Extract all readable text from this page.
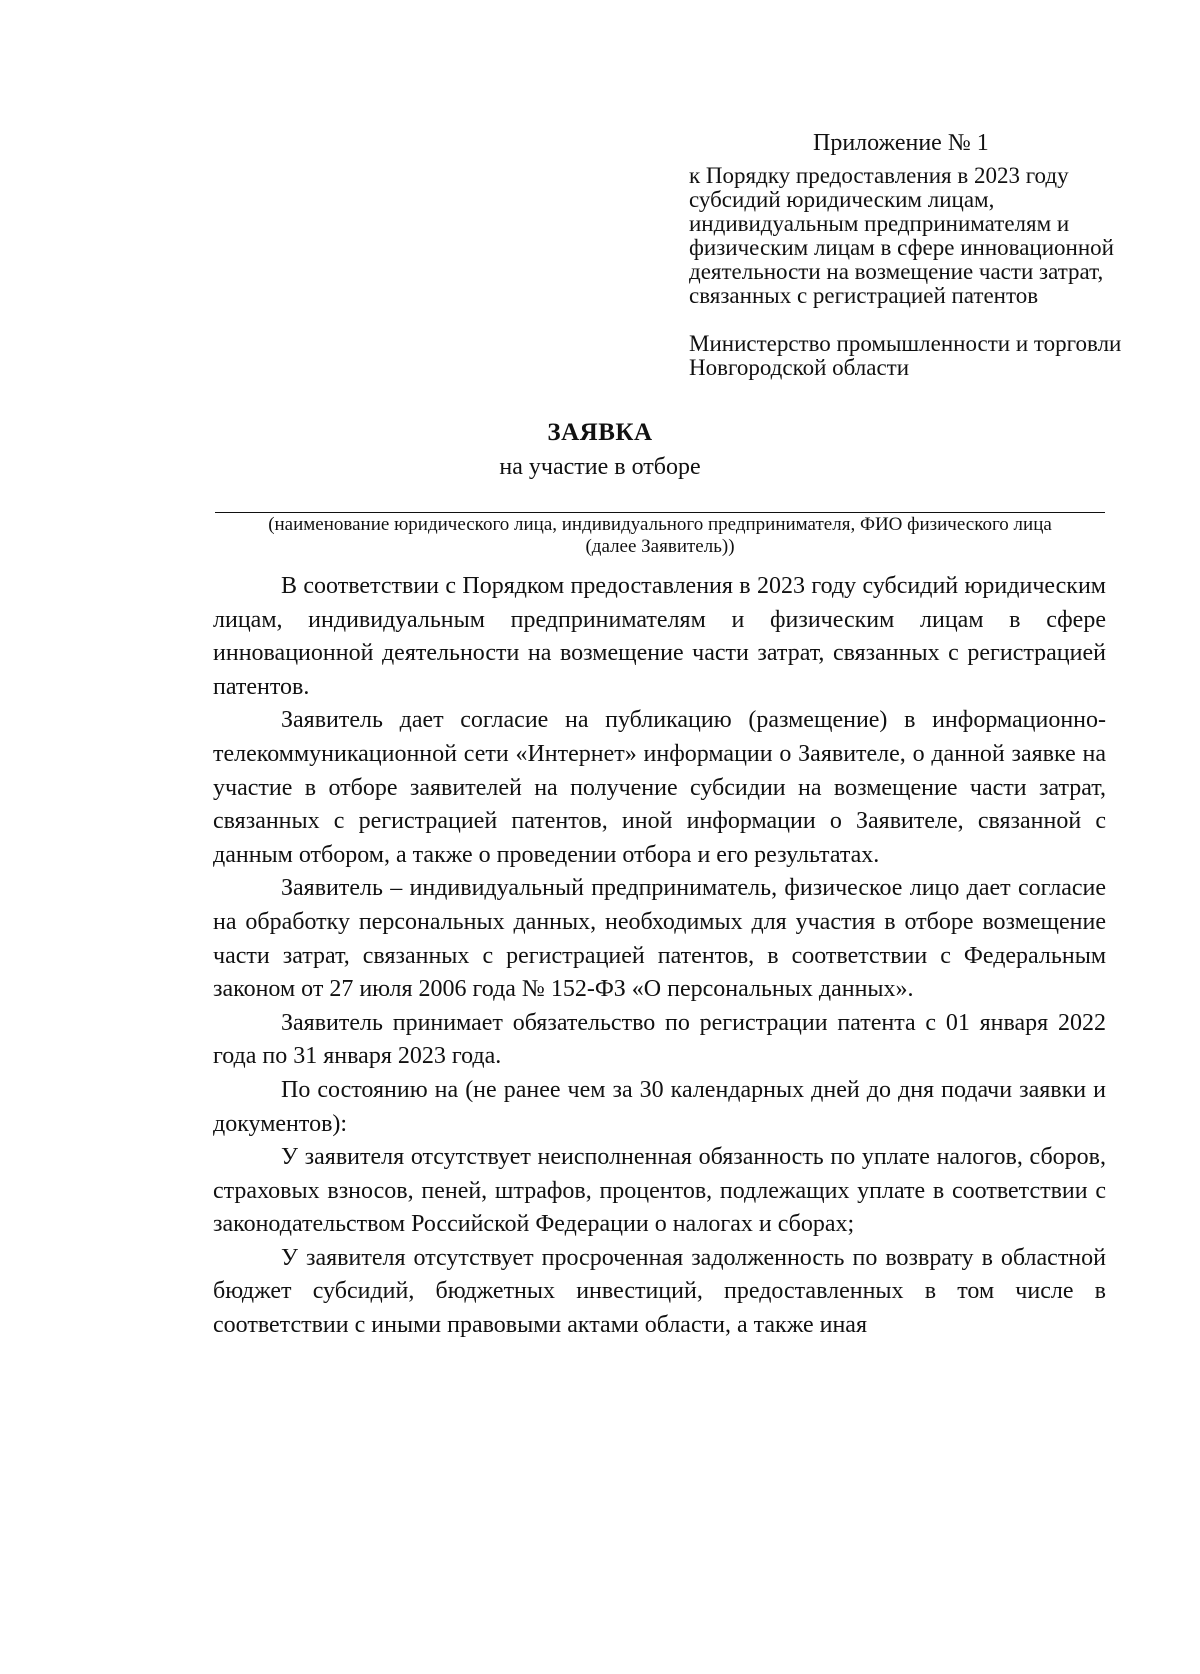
Приложение № 1

к Порядку предоставления в 2023 году субсидий юридическим лицам, индивидуальным предпринимателям и физическим лицам в сфере инновационной деятельности на возмещение части затрат, связанных с регистрацией патентов

Министерство промышленности и торговли Новгородской области

ЗАЯВКА
на участие в отборе
(наименование юридического лица, индивидуального предпринимателя, ФИО физического лица (далее Заявитель))

В соответствии с Порядком предоставления в 2023 году субсидий юридическим лицам, индивидуальным предпринимателям и физическим лицам в сфере инновационной деятельности на возмещение части затрат, связанных с регистрацией патентов.

Заявитель дает согласие на публикацию (размещение) в информационно-телекоммуникационной сети «Интернет» информации о Заявителе, о данной заявке на участие в отборе заявителей на получение субсидии на возмещение части затрат, связанных с регистрацией патентов, иной информации о Заявителе, связанной с данным отбором, а также о проведении отбора и его результатах.

Заявитель – индивидуальный предприниматель, физическое лицо дает согласие на обработку персональных данных, необходимых для участия в отборе возмещение части затрат, связанных с регистрацией патентов, в соответствии с Федеральным законом от 27 июля 2006 года № 152-ФЗ «О персональных данных».

Заявитель принимает обязательство по регистрации патента с 01 января 2022 года по 31 января 2023 года.

По состоянию на (не ранее чем за 30 календарных дней до дня подачи заявки и документов):

У заявителя отсутствует неисполненная обязанность по уплате налогов, сборов, страховых взносов, пеней, штрафов, процентов, подлежащих уплате в соответствии с законодательством Российской Федерации о налогах и сборах;

У заявителя отсутствует просроченная задолженность по возврату в областной бюджет субсидий, бюджетных инвестиций, предоставленных в том числе в соответствии с иными правовыми актами области, а также иная
